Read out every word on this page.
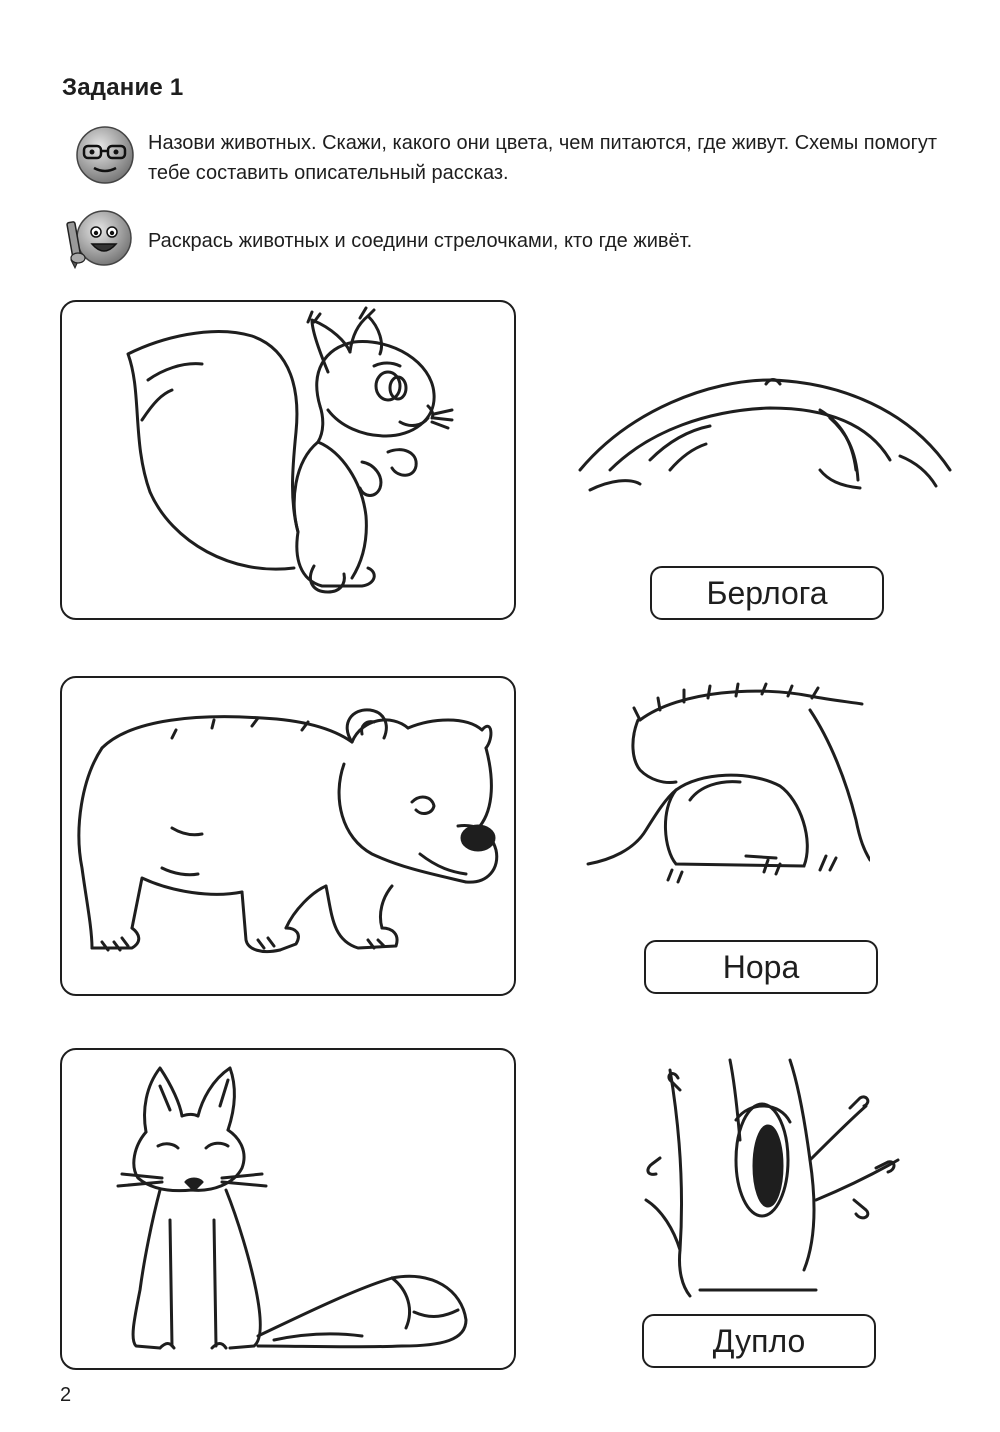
Задание 1
Назови животных. Скажи, какого они цвета, чем питаются, где живут. Схемы помогут тебе составить описательный рассказ.
Раскрась животных и соедини стрелочками, кто где живёт.
Берлога
Нора
Дупло
2
